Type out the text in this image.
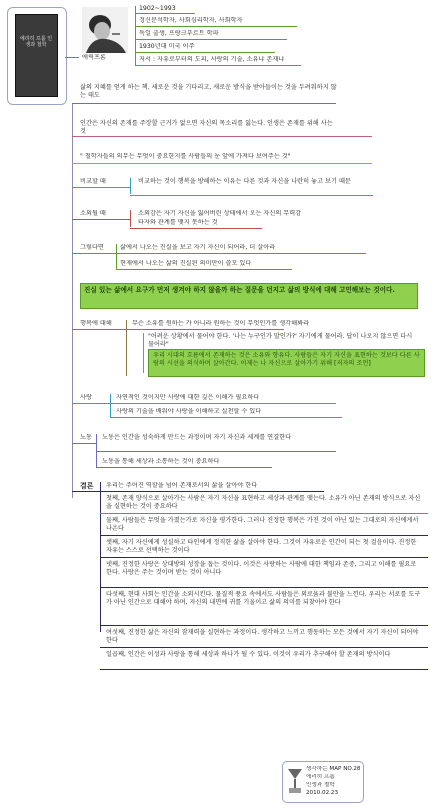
에리히 프롬 인생과 철학
에릭프롬
1902~1993
정신분석학자, 사회심리학자, 사회학자
독일 출생, 프랑크푸르트 학파
1930년대 미국 이주
저서 : 자유로부터의 도피, 사랑의 기술, 소유냐 존재냐
삶의 지혜를 얻게 하는 책. 새로운 것을 기다리고, 새로운 방식을 받아들이는 것을 두려워하지 않는 태도
인간은 자신의 존재를 주장할 근거가 없으면 자신의 목소리를 잃는다. 인생은 존재를 위해 사는 것
" 철학자들의 의무는 무엇이 중요한지를 사람들의 눈 앞에 가져다 보여주는 것"
비교할 때	비교하는 것이 행복을 방해하는 이유는 다른 것과 자신을 나란히 놓고 보기 때문
소외될 때	소외감은 자기 자신을 잃어버린 상태에서 오는 자신의 무력감
타자와 관계를 맺지 못하는 것
그렇다면	삶에서 나오는 진실을 보고 자기 자신이 되어라, 더 살아라
현재에서 나오는 삶의 진실된 의미만이 쓸모 있다
진실 있는 삶에서 요구가 먼저 생겨야 하지 않을까 하는 질문을 던지고 삶의 방식에 대해 고민해보는 것이다.
행복에 대해	무슨 소유를 원하는 가 아니라 원하는 것이 무엇인가를 생각해봐라
"어려운 상황에서 물어야 한다. '나는 누구인가 말인가?' 자기에게 물어라. 답이 나오지 않으면 다시 물어라"
우리 시대의 흐름에서 존재하는 것은 소유와 향유다. 사람들은 자기 자신을 표현하는 것보다 다른 사람의 시선을 의식하며 살아간다. 이제는 나 자신으로 살아가기 위해 [저자의 조언]
사랑	자연적인 것이지만 사랑에 대한 깊은 이해가 필요하다
사랑의 기술을 배워야 사랑을 이해하고 실천할 수 있다
노동 노동은 인간을 성숙하게 만드는 과정이며 자기 자신과 세계를 연결한다
노동을 통해 세상과 소통하는 것이 중요하다
결론 우리는 주어진 역할을 넘어 존재로서의 삶을 살아야 한다
첫째, 존재 양식으로 살아가는 사람은 자기 자신을 표현하고 세상과 관계를 맺는다. 소유가 아닌 존재의 방식으로 자신을 실현하는 것이 중요하다
둘째, 사람들은 무엇을 가졌는가로 자신을 평가한다. 그러나 진정한 행복은 가진 것이 아닌 있는 그대로의 자신에게서 나온다
셋째, 자기 자신에게 성실하고 타인에게 정직한 삶을 살아야 한다. 그것이 자유로운 인간이 되는 첫 걸음이다. 진정한 자유는 스스로 선택하는 것이다
넷째, 진정한 사랑은 상대방의 성장을 돕는 것이다. 이것은 사랑하는 사람에 대한 책임과 존중, 그리고 이해를 필요로 한다. 사랑은 주는 것이며 받는 것이 아니다
다섯째, 현대 사회는 인간을 소외시킨다. 물질적 풍요 속에서도 사람들은 외로움과 불안을 느낀다. 우리는 서로를 도구가 아닌 인간으로 대해야 하며, 자신의 내면에 귀를 기울이고 삶의 의미를 되찾아야 한다
여섯째, 진정한 삶은 자신의 잠재력을 실현하는 과정이다. 생각하고 느끼고 행동하는 모든 것에서 자기 자신이 되어야 한다
일곱째, 인간은 이성과 사랑을 통해 세상과 하나가 될 수 있다. 이것이 우리가 추구해야 할 존재의 방식이다
생각하는 MAP NO.28
에리히 프롬
인생과 철학
2010.02.23
